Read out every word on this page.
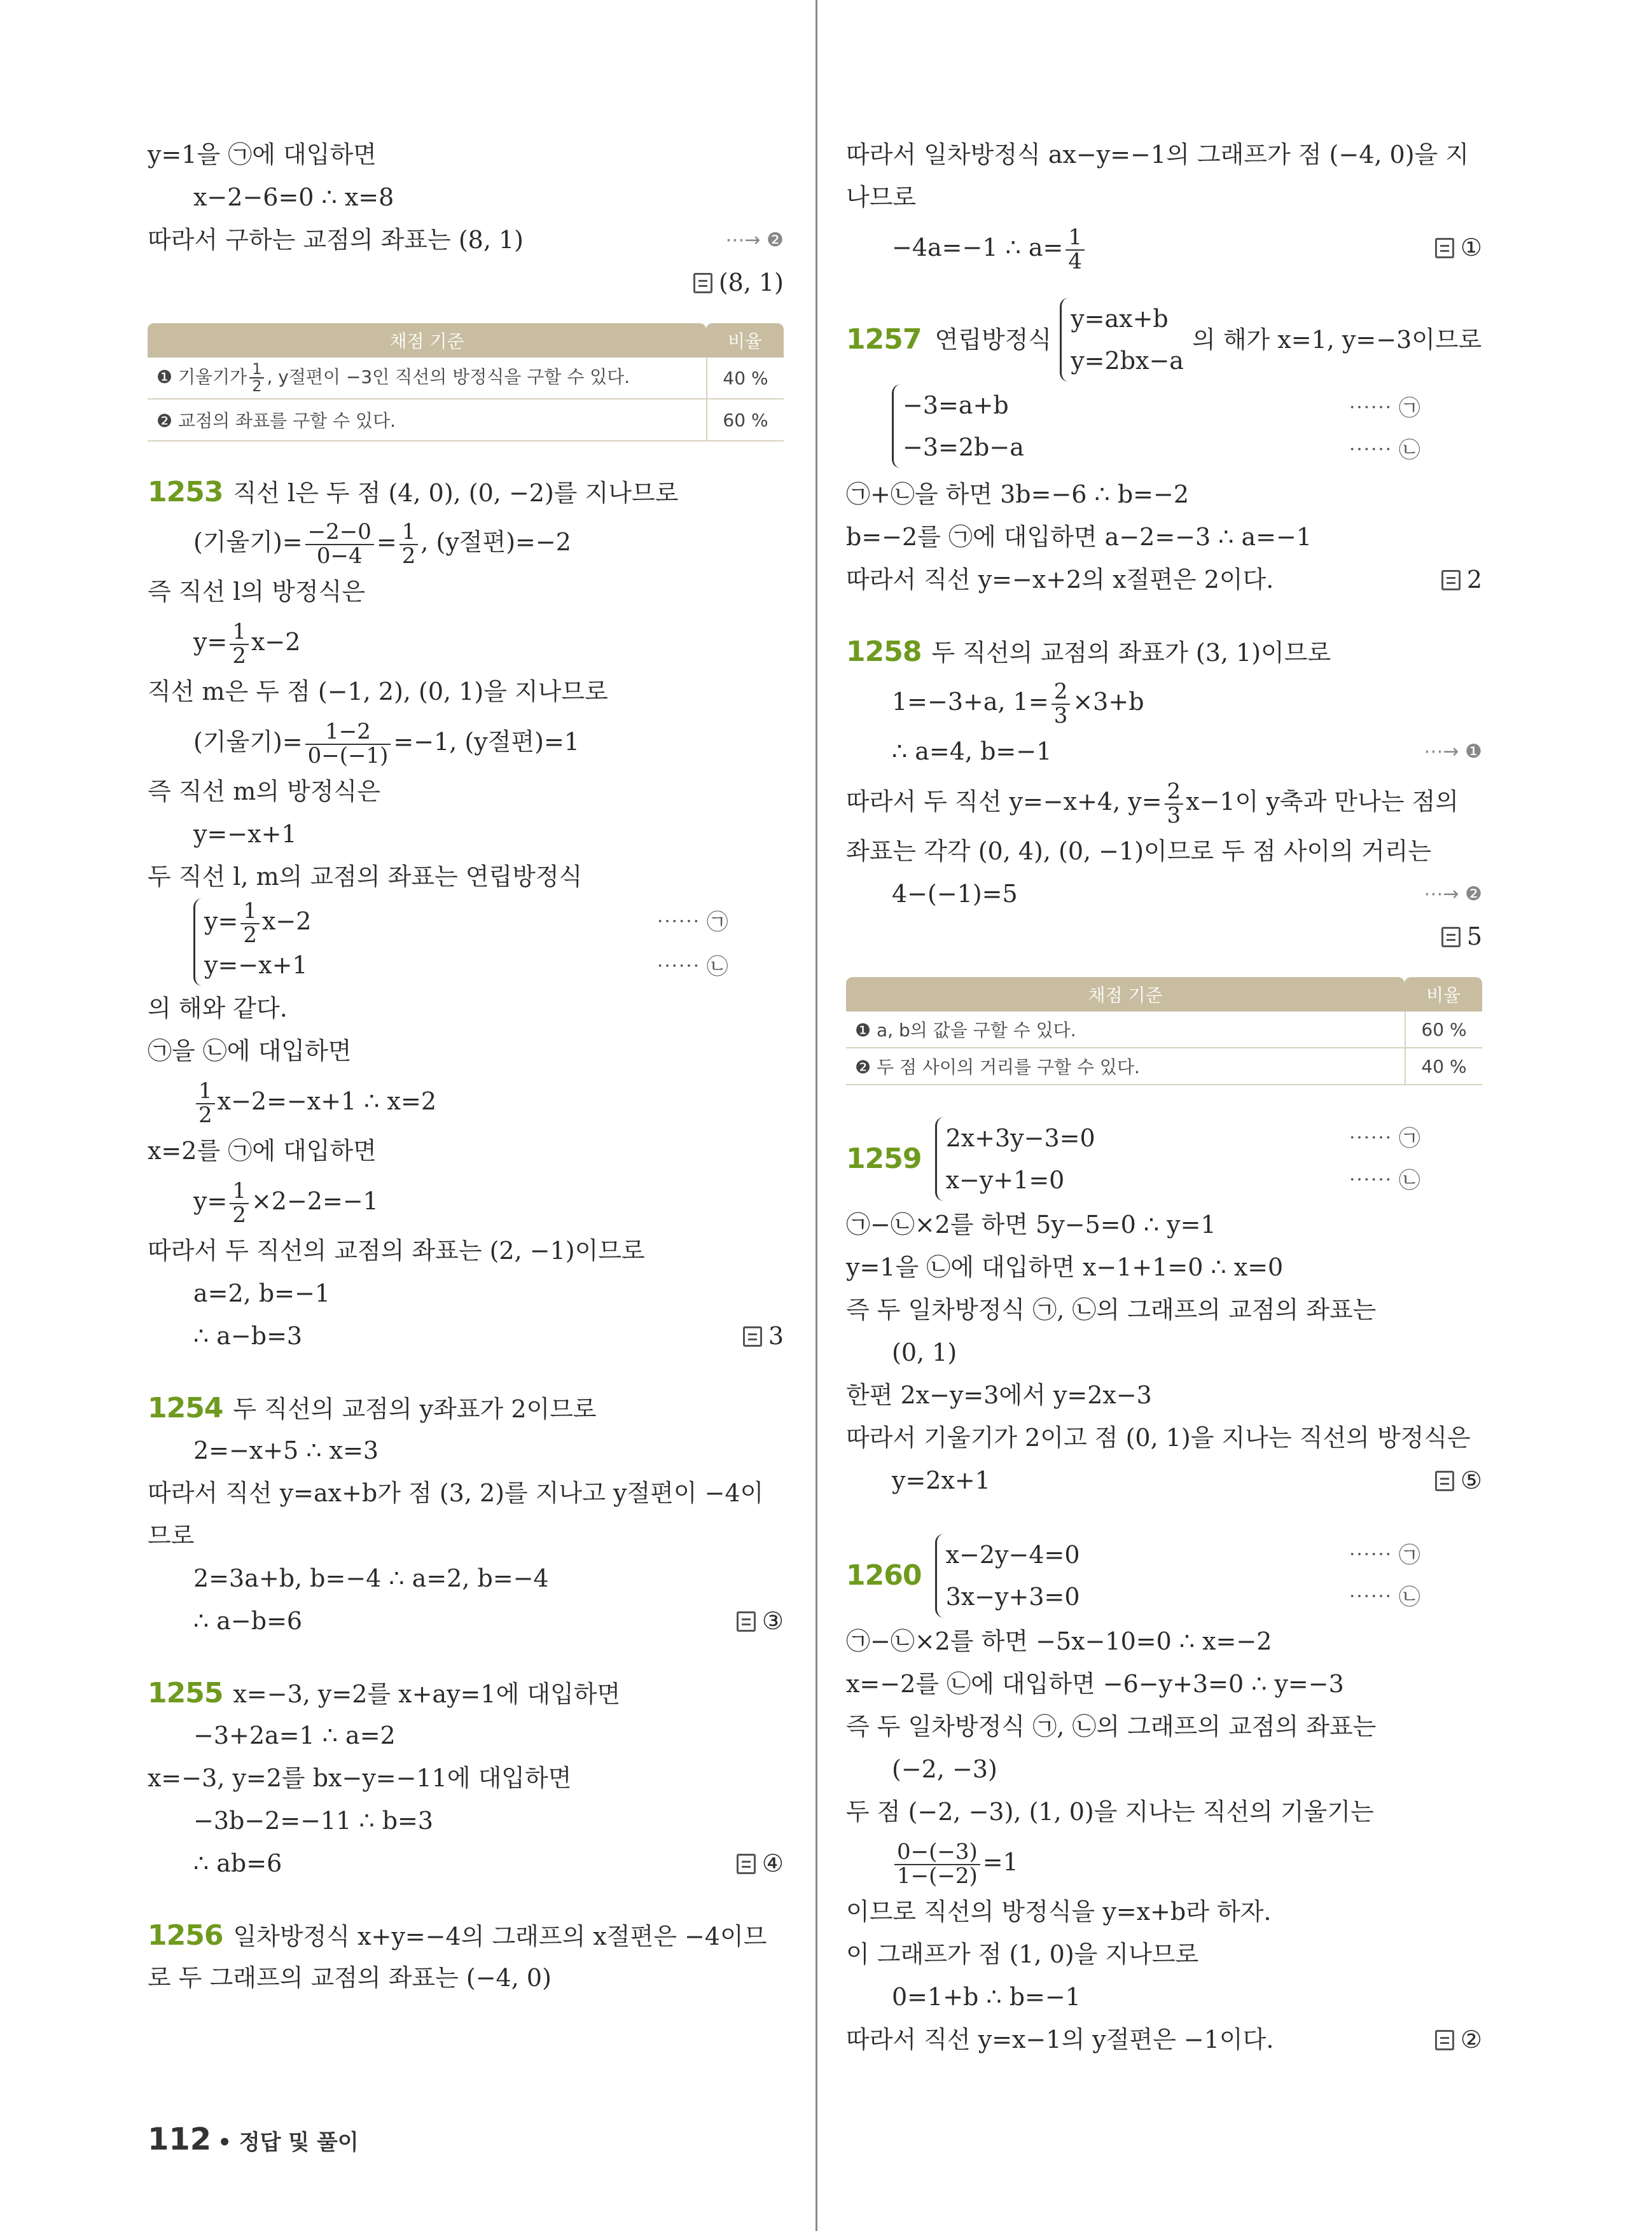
y=1을 ㉠에 대입하면
x−2−6=0 ∴ x=8
따라서 구하는 교점의 좌표는 (8, 1)	⋯→ ❷
(8, 1)
채점 기준	비율
❶ 기울기가 $\frac{1}{2}$ , y절편이 −3인 직선의 방정식을 구할 수 있다.	40 %
❷ 교점의 좌표를 구할 수 있다.	60 %
1253 직선 l은 두 점 (4, 0), (0, −2)를 지나므로
(기울기)= $\frac{-2-0}{0-4} = \frac{1}{2}$ , (y절편)=−2
즉 직선 l의 방정식은
$y= \frac{1}{2} x-2$
직선 m은 두 점 (−1, 2), (0, 1)을 지나므로
(기울기)= $\frac{1-2}{0-(-1)} =-1$, (y절편)=1
즉 직선 m의 방정식은
y=−x+1
두 직선 l, m의 교점의 좌표는 연립방정식
$y= \frac{1}{2} x-2$
y=−x+1
⋯⋯ ㉠
⋯⋯ ㉡
의 해와 같다.
㉠을 ㉡에 대입하면
$\frac{1}{2} x-2=-x+1$ ∴ x=2
x=2를 ㉠에 대입하면
$y= \frac{1}{2} \times 2-2=-1$
따라서 두 직선의 교점의 좌표는 (2, −1)이므로
a=2, b=−1
∴ a−b=3	3
1254 두 직선의 교점의 y좌표가 2이므로
2=−x+5 ∴ x=3
따라서 직선 y=ax+b가 점 (3, 2)를 지나고 y절편이 −4이
므로
2=3a+b, b=−4 ∴ a=2, b=−4
∴ a−b=6	③
1255 x=−3, y=2를 x+ay=1에 대입하면
−3+2a=1 ∴ a=2
x=−3, y=2를 bx−y=−11에 대입하면
−3b−2=−11 ∴ b=3
∴ ab=6	④
1256 일차방정식 x+y=−4의 그래프의 x절편은 −4이므
로 두 그래프의 교점의 좌표는 (−4, 0)
따라서 일차방정식 ax−y=−1의 그래프가 점 (−4, 0)을 지
나므로
−4a=−1 ∴ $a= \frac{1}{4}$	①
1257 연립방정식
y=ax+b
y=2bx−a
의 해가 x=1, y=−3이므로
−3=a+b
−3=2b−a
⋯⋯ ㉠
⋯⋯ ㉡
㉠+㉡을 하면 3b=−6 ∴ b=−2
b=−2를 ㉠에 대입하면 a−2=−3 ∴ a=−1
따라서 직선 y=−x+2의 x절편은 2이다.	2
1258 두 직선의 교점의 좌표가 (3, 1)이므로
1=−3+a, $1= \frac{2}{3} \times 3+b$
∴ a=4, b=−1	⋯→ ❶
따라서 두 직선 y=−x+4, $y= \frac{2}{3} x-1$이 y축과 만나는 점의
좌표는 각각 (0, 4), (0, −1)이므로 두 점 사이의 거리는
4−(−1)=5	⋯→ ❷
5
채점 기준	비율
❶ a, b의 값을 구할 수 있다.	60 %
❷ 두 점 사이의 거리를 구할 수 있다.	40 %
1259
2x+3y−3=0
x−y+1=0
⋯⋯ ㉠
⋯⋯ ㉡
㉠−㉡×2를 하면 5y−5=0 ∴ y=1
y=1을 ㉡에 대입하면 x−1+1=0 ∴ x=0
즉 두 일차방정식 ㉠, ㉡의 그래프의 교점의 좌표는
(0, 1)
한편 2x−y=3에서 y=2x−3
따라서 기울기가 2이고 점 (0, 1)을 지나는 직선의 방정식은
y=2x+1	⑤
1260
x−2y−4=0
3x−y+3=0
⋯⋯ ㉠
⋯⋯ ㉡
㉠−㉡×2를 하면 −5x−10=0 ∴ x=−2
x=−2를 ㉡에 대입하면 −6−y+3=0 ∴ y=−3
즉 두 일차방정식 ㉠, ㉡의 그래프의 교점의 좌표는
(−2, −3)
두 점 (−2, −3), (1, 0)을 지나는 직선의 기울기는
$\frac{0-(-3)}{1-(-2)} =1$
이므로 직선의 방정식을 y=x+b라 하자.
이 그래프가 점 (1, 0)을 지나므로
0=1+b ∴ b=−1
따라서 직선 y=x−1의 y절편은 −1이다.	②
112 • 정답 및 풀이
